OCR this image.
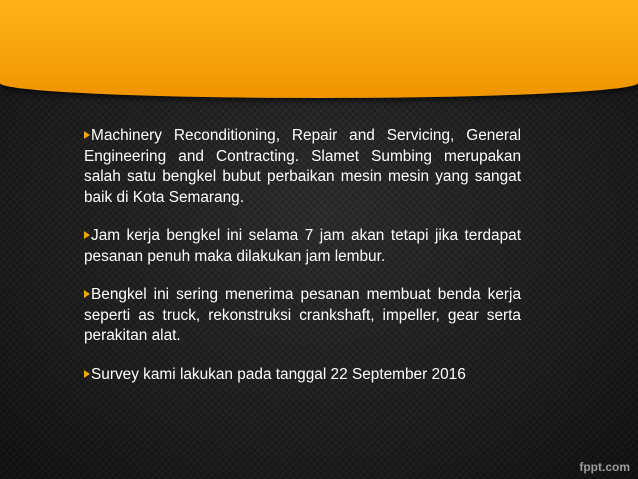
Machinery Reconditioning, Repair and Servicing, General Engineering and Contracting. Slamet Sumbing merupakan salah satu bengkel bubut perbaikan mesin mesin yang sangat baik di Kota Semarang.

Jam kerja bengkel ini selama 7 jam akan tetapi jika terdapat pesanan penuh maka dilakukan jam lembur.

Bengkel ini sering menerima pesanan membuat benda kerja seperti as truck, rekonstruksi crankshaft, impeller, gear serta perakitan alat.

Survey kami lakukan pada tanggal 22 September 2016

fppt.com
